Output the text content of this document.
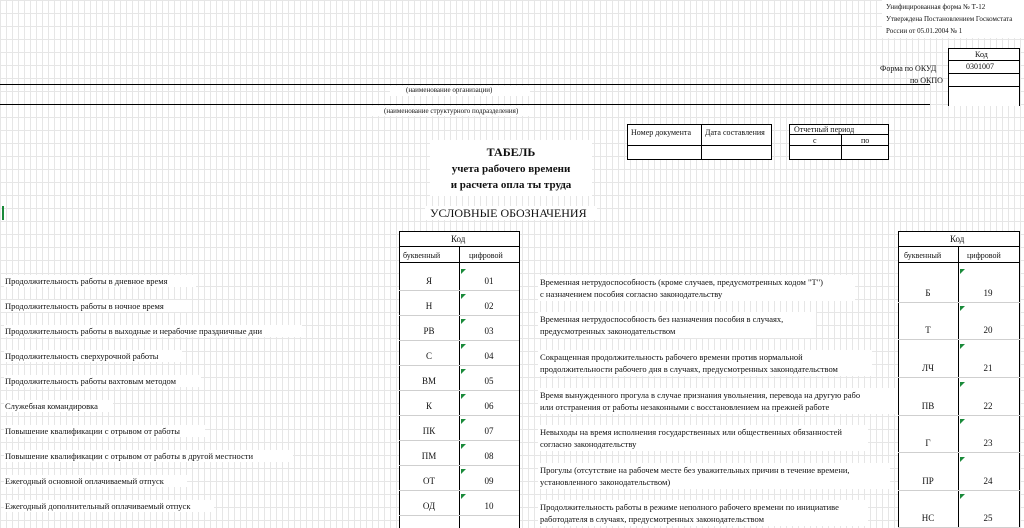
Унифицированная форма № Т-12
Утверждена Постановлением Госкомстата
России от 05.01.2004 № 1
Код
0301007
Форма по ОКУД
по ОКПО
(наименование организации)
(наименование структурного подразделения)
Номер документа Дата составления	Отчетный период
с	по
ТАБЕЛЬ
учета рабочего времени
и расчета опла ты труда
УСЛОВНЫЕ ОБОЗНАЧЕНИЯ
Код
буквенный	цифровой
Код
буквенный	цифровой
Продолжительность работы в дневное время	Я	01
Продолжительность работы в ночное время	Н	02
Продолжительность работы в выходные и нерабочие праздничные дни	РВ	03
Продолжительность сверхурочной работы	С	04
Продолжительность работы вахтовым методом	ВМ	05
Служебная командировка	К	06
Повышение квалификации с отрывом от работы	ПК	07
Повышение квалификации с отрывом от работы в другой местности	ПМ	08
Ежегодный основной оплачиваемый отпуск	ОТ	09
Ежегодный дополнительный оплачиваемый отпуск	ОД	10
Временная нетрудоспособность (кроме случаев, предусмотренных кодом "Т")
с назначением пособия согласно законодательству	Б	19
Временная нетрудоспособность без назначения пособия в случаях,
предусмотренных законодательством	Т	20
Сокращенная продолжительность рабочего времени против нормальной
продолжительности рабочего дня в случаях, предусмотренных законодательством	ЛЧ	21
Время вынужденного прогула в случае признания увольнения, перевода на другую рабо
или отстранения от работы незаконными с восстановлением на прежней работе	ПВ	22
Невыходы на время исполнения государственных или общественных обязанностей
согласно законодательству	Г	23
Прогулы (отсутствие на рабочем месте без уважительных причин в течение времени,
установленного законодательством)	ПР	24
Продолжительность работы в режиме неполного рабочего времени по инициативе
работодателя в случаях, предусмотренных законодательством	НС	25
